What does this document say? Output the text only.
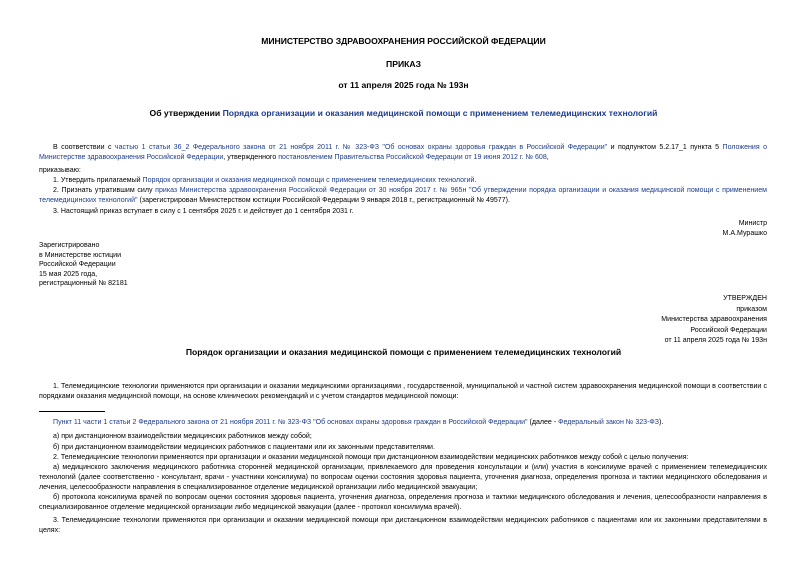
МИНИСТЕРСТВО ЗДРАВООХРАНЕНИЯ РОССИЙСКОЙ ФЕДЕРАЦИИ
ПРИКАЗ
от 11 апреля 2025 года № 193н
Об утверждении Порядка организации и оказания медицинской помощи с применением телемедицинских технологий
В соответствии с частью 1 статьи 36_2 Федерального закона от 21 ноября 2011 г. № 323-ФЗ "Об основах охраны здоровья граждан в Российской Федерации" и подпунктом 5.2.17_1 пункта 5 Положения о Министерстве здравоохранения Российской Федерации, утвержденного постановлением Правительства Российской Федерации от 19 июня 2012 г. № 608,
приказываю:
1. Утвердить прилагаемый Порядок организации и оказания медицинской помощи с применением телемедицинских технологий.
2. Признать утратившим силу приказ Министерства здравоохранения Российской Федерации от 30 ноября 2017 г. № 965н "Об утверждении порядка организации и оказания медицинской помощи с применением телемедицинских технологий" (зарегистрирован Министерством юстиции Российской Федерации 9 января 2018 г., регистрационный № 49577).
3. Настоящий приказ вступает в силу с 1 сентября 2025 г. и действует до 1 сентября 2031 г.
Министр
М.А.Мурашко
Зарегистрировано
в Министерстве юстиции
Российской Федерации
15 мая 2025 года,
регистрационный № 82181
УТВЕРЖДЕН
приказом
Министерства здравоохранения
Российской Федерации
от 11 апреля 2025 года № 193н
Порядок организации и оказания медицинской помощи с применением телемедицинских технологий
1. Телемедицинские технологии применяются при организации и оказании медицинскими организациями , государственной, муниципальной и частной систем здравоохранения медицинской помощи в соответствии с порядками оказания медицинской помощи, на основе клинических рекомендаций и с учетом стандартов медицинской помощи:
Пункт 11 части 1 статьи 2 Федерального закона от 21 ноября 2011 г. № 323-ФЗ "Об основах охраны здоровья граждан в Российской Федерации" (далее - Федеральный закон № 323-ФЗ).
а) при дистанционном взаимодействии медицинских работников между собой;
б) при дистанционном взаимодействии медицинских работников с пациентами или их законными представителями.
2. Телемедицинские технологии применяются при организации и оказании медицинской помощи при дистанционном взаимодействии медицинских работников между собой с целью получения:
а) медицинского заключения медицинского работника сторонней медицинской организации, привлекаемого для проведения консультации и (или) участия в консилиуме врачей с применением телемедицинских технологий (далее соответственно - консультант, врачи - участники консилиума) по вопросам оценки состояния здоровья пациента, уточнения диагноза, определения прогноза и тактики медицинского обследования и лечения, целесообразности направления в специализированное отделение медицинской организации либо медицинской эвакуации;
б) протокола консилиума врачей по вопросам оценки состояния здоровья пациента, уточнения диагноза, определения прогноза и тактики медицинского обследования и лечения, целесообразности направления в специализированное отделение медицинской организации либо медицинской эвакуации (далее - протокол консилиума врачей).
3. Телемедицинские технологии применяются при организации и оказании медицинской помощи при дистанционном взаимодействии медицинских работников с пациентами или их законными представителями в целях:
